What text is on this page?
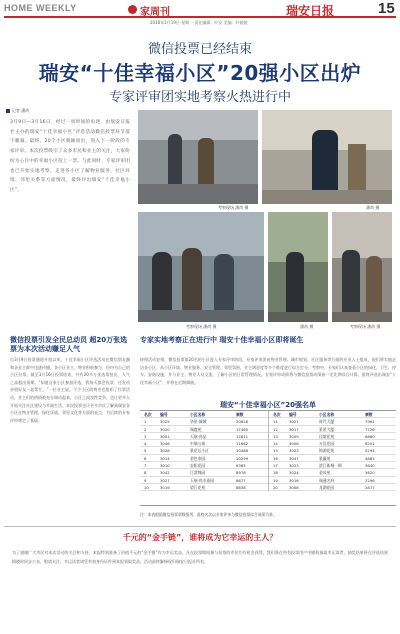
HOME WEEKLY	家周刊	瑞安日报	15
2018年3月19日 星期一 责任编辑：叶安 美编：叶媛媛
微信投票已经结束
瑞安“十佳幸福小区”20强小区出炉
专家评审团实地考察火热进行中
记者 潘尚
3月9日—3月16日，经过一周时间的角逐，由瑞安日报社主办的瑞安“十佳幸福小区”评选活动微信投票环节落下帷幕。最终，20个小区脱颖而出，进入下一阶段的专家评审。本次投票吸引了众多市民和业主的关注，大家纷纷为心目中的幸福小区投上一票。与此同时，专家评审团也已开始实地考察，走进各小区了解物业服务、社区环境、邻里关系等方面情况，最终评出瑞安“十佳幸福小区”。
考察现场 潘尚 摄	潘尚 摄
考察现场 潘尚 摄	潘尚 摄	考察现场 潘尚 摄
微信投票引发全民总动员 超20万张选票为本次活动赚足人气
自3月9日投票通道开放以来，十佳幸福小区评选活动在微信朋友圈和各业主群中迅速传播，各小区业主、物业积极参与，纷纷为自己的小区拉票。截至3月16日投票结束，共有20多万张选票投出，人气之高超出预期。“知道自家小区参加评选，我每天都会投票，还发动亲朋好友一起帮忙。”一位业主说。不少小区的物业也组织了拉票活动，业主们的热情被充分调动起来，小区之间良性竞争，也让更多人开始关注社区建设与幸福生活。本次投票也让更多市民了解到瑞安各小区在物业管理、绿化环境、邻里文化等方面的亮点，为后续的专家评审奠定了基础。
专家实地考察正在进行中 瑞安十佳幸福小区即将诞生
按照活动安排，微信投票前20名的小区进入专家评审阶段。专家评审团由物业管理、城市规划、社区服务等方面的专业人士组成，他们将实地走访各小区，从小区环境、物业服务、安全管理、邻里氛围、业主满意度等多个维度进行综合打分。考察中，专家们认真查看小区的绿化、卫生、停车、安防设施，并与业主、物业人员交流，了解小区的日常管理情况。专家评审成绩将与微信投票成绩按一定比例综合计算，最终评选出瑞安“十佳幸福小区”，并将在近期揭晓。
瑞安“十佳幸福小区”20强名单
名次 编号	小区名称	票数
1	3025	华景·城城	20816
2	3020	瑞鹿苑	17465
3	3001	天瑞·尚品	12811
4	3046	中瑞公寓	11662
5	3028	景花坛小区	10488
6	3014	金色家园	10299
7	3010	安阳花园	9365
8	3042	江滨锦园	8978
9	3027	天瑞·尚水嘉园	8677
10	3019	望江花苑	8638
名次 编号	小区名称	票数
11	3021	时代大厦	7961
12	3017	景景大厦	7726
13	3009	佳境花苑	6880
14	3006	万佳花园	6201
15	3023	锦湖花苑	5294
16	3047	景瀛苑	4865
17	3013	滨江新城一期	3640
18	3024	金凤苑	3620
19	3016	瑞通名府	3296
20	3008	龙湖花园	2877
注：本表根据微信投票票数排列，最终名次以专家评审与微信投票综合成绩为准。
千元的“金手链”，谁将成为它幸运的主人？
为了感谢广大市民对本次活动的关注和支持，本报特别准备了价值千元的“金手链”作为幸运奖品。凡在投票期间参与投票的市民均有机会获得。我们将在所有投票用户中随机抽取幸运读者，抽奖结果将在评选结果揭晓时同步公布，敬请关注。幸运读者请凭有效身份证件到本报领取奖品。活动最终解释权归瑞安日报社所有。
